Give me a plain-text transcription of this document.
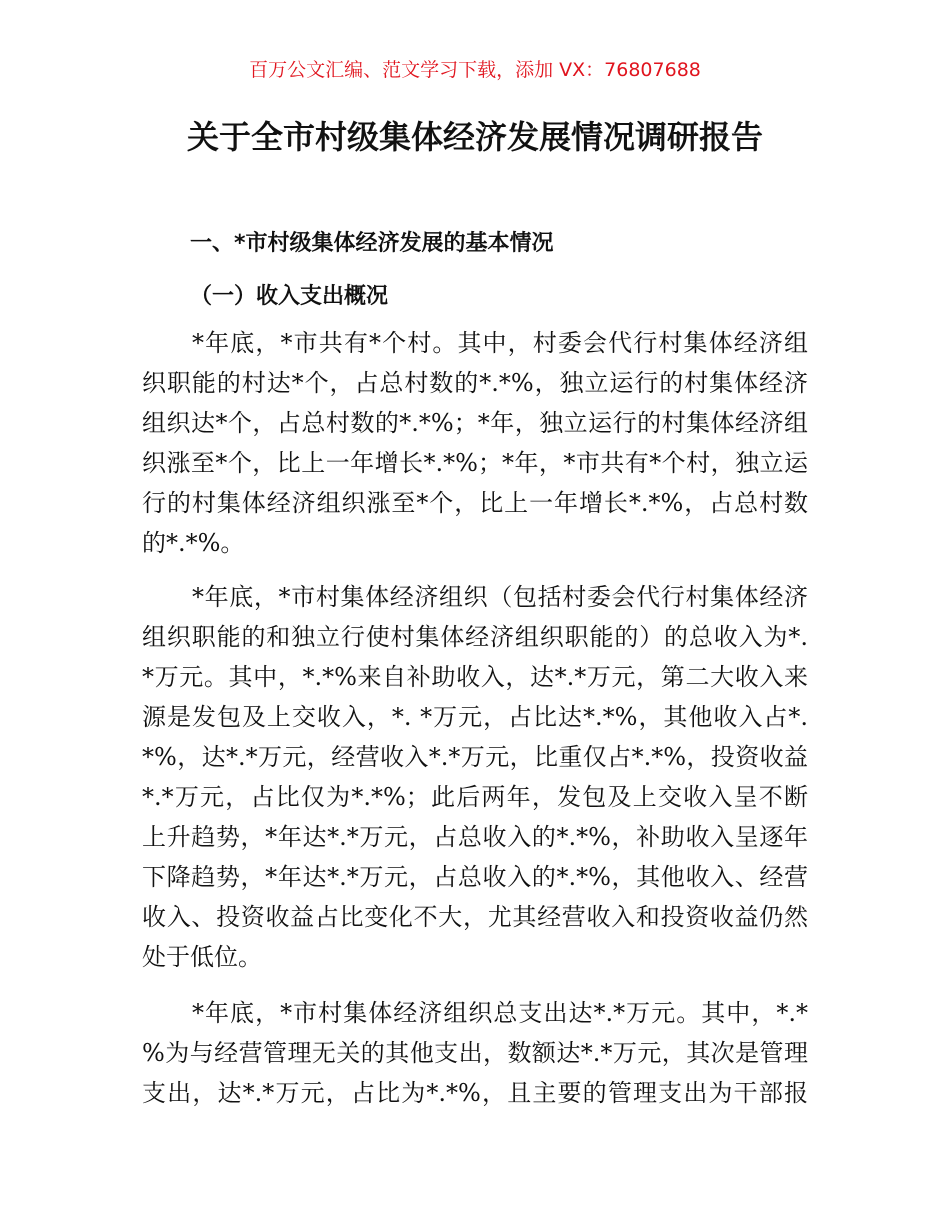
百万公文汇编、范文学习下载，添加 VX：76807688
关于全市村级集体经济发展情况调研报告
一、*市村级集体经济发展的基本情况
（一）收入支出概况
*年底，*市共有*个村。其中，村委会代行村集体经济组
织职能的村达*个，占总村数的*.*%，独立运行的村集体经济
组织达*个，占总村数的*.*%；*年，独立运行的村集体经济组
织涨至*个，比上一年增长*.*%；*年，*市共有*个村，独立运
行的村集体经济组织涨至*个，比上一年增长*.*%，占总村数
的*.*%。
*年底，*市村集体经济组织（包括村委会代行村集体经济
组织职能的和独立行使村集体经济组织职能的）的总收入为*.
*万元。其中，*.*%来自补助收入，达*.*万元，第二大收入来
源是发包及上交收入，*. *万元，占比达*.*%，其他收入占*.
*%，达*.*万元，经营收入*.*万元，比重仅占*.*%，投资收益
*.*万元，占比仅为*.*%；此后两年，发包及上交收入呈不断
上升趋势，*年达*.*万元，占总收入的*.*%，补助收入呈逐年
下降趋势，*年达*.*万元，占总收入的*.*%，其他收入、经营
收入、投资收益占比变化不大，尤其经营收入和投资收益仍然
处于低位。
*年底，*市村集体经济组织总支出达*.*万元。其中，*.*
%为与经营管理无关的其他支出，数额达*.*万元，其次是管理
支出，达*.*万元，占比为*.*%，且主要的管理支出为干部报
